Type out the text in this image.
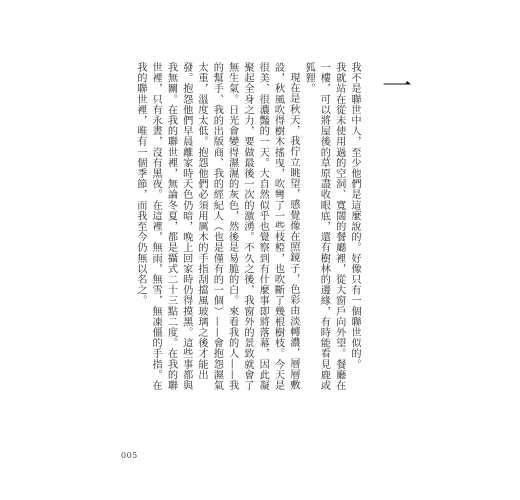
一

我不是聯世中人，至少他們是這麼說的。好像只有一個聯世似的。

我就站在從未使用過的空洞、寬闊的餐廳裡，從大窗戶向外望。餐廳在一樓，可以將屋後的草原盡收眼底，還有樹林的邊緣，有時能看見鹿或狐狸。

現在是秋天，我佇立眺望，感覺像在照鏡子，色彩由淡轉濃，層層敷設，秋風吹得樹木搖曳，吹彎了一些枝椏，也吹斷了幾根樹枝。今天是很美、很濃豔的一天。大自然似乎也覺察到有什麼事即將落幕，因此凝聚起全身之力，要做最後一次的激湧。不久之後，我窗外的景致就會了無生氣。日光會變得濕濕的灰色，然後是易脆的白。來看我的人——我的幫手、我的出版商、我的經紀人（也是僅有的一個）——會抱怨濕氣太重，溫度太低。抱怨他們必須用厲木的手指刮擋風玻璃之後才能出發。抱怨他們早晨離家時天色仍暗，晚上回家時仍得摸黑。這些事都與我無關。在我的聯世裡，無論冬夏，都是攝式二十三點二度。在我的聯世裡，只有永晝，沒有黑夜。在這裡，無雨，無雪，無凍僵的手指。在我的聯世裡，唯有一個季節，而我至今仍無以名之。

005
